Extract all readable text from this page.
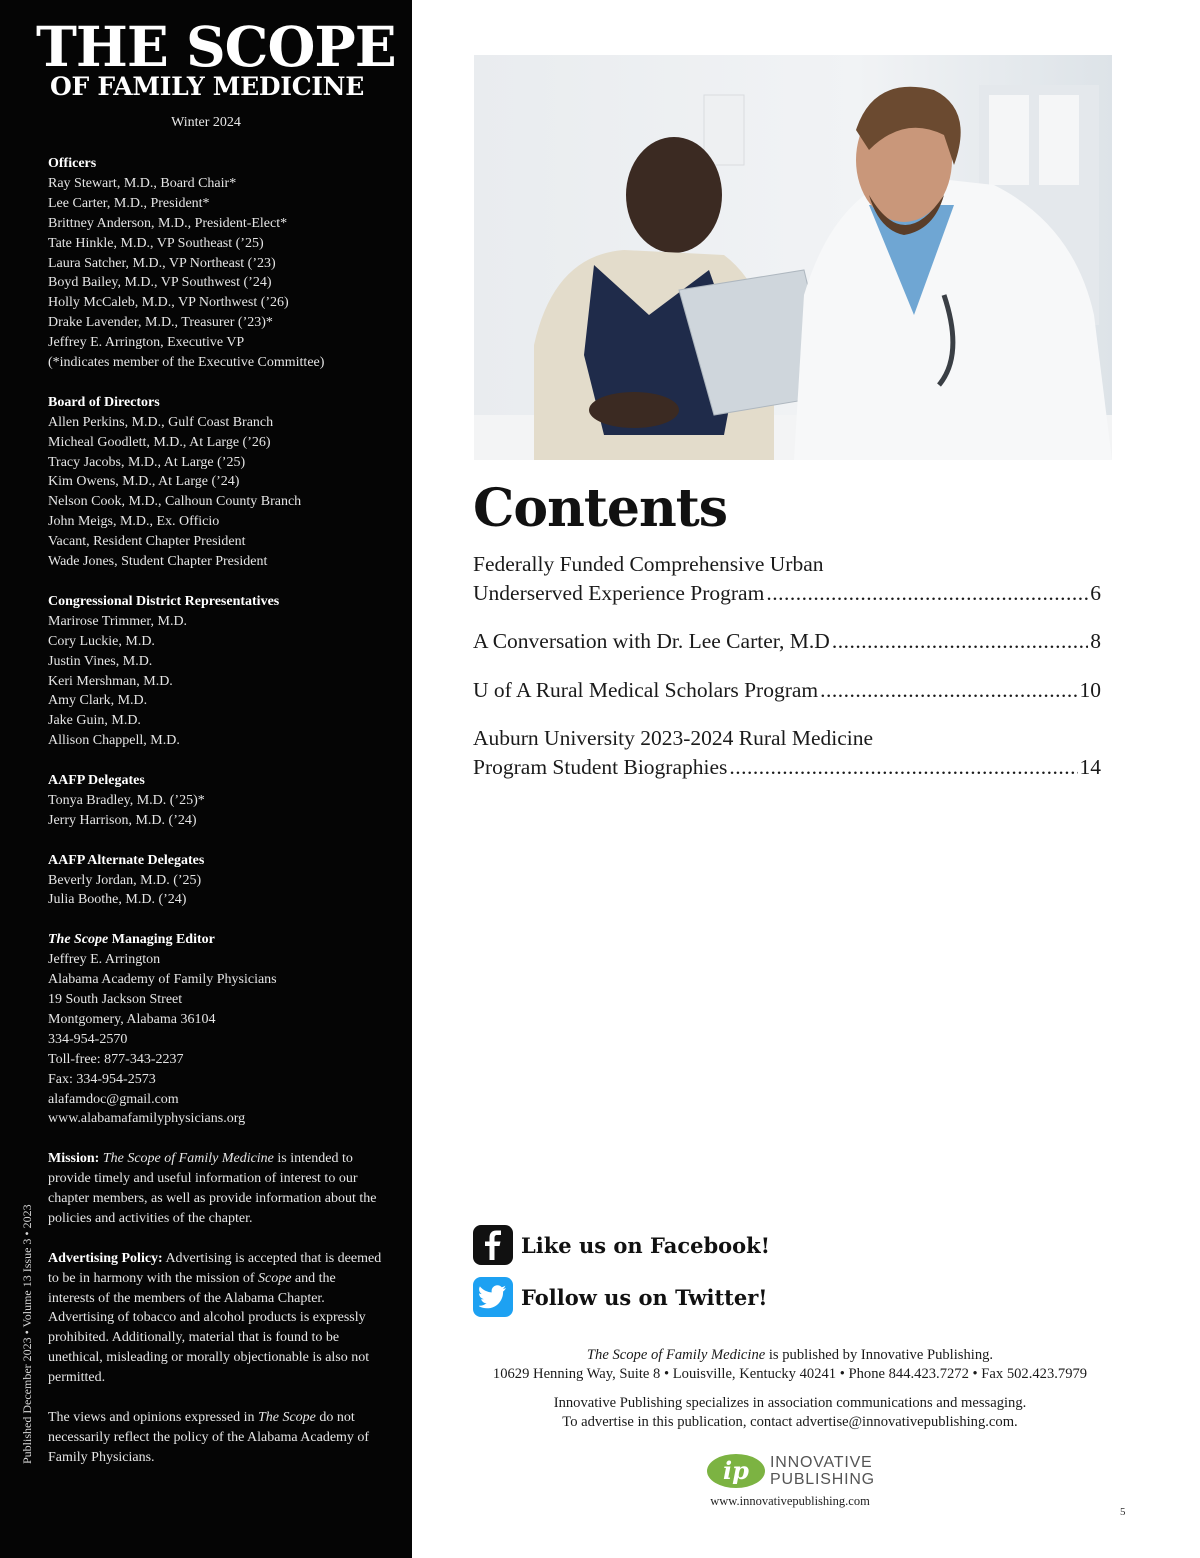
THE SCOPE
OF FAMILY MEDICINE
Winter 2024
Officers
Ray Stewart, M.D., Board Chair*
Lee Carter, M.D., President*
Brittney Anderson, M.D., President-Elect*
Tate Hinkle, M.D., VP Southeast (’25)
Laura Satcher, M.D., VP Northeast (’23)
Boyd Bailey, M.D., VP Southwest (’24)
Holly McCaleb, M.D., VP Northwest (’26)
Drake Lavender, M.D., Treasurer (’23)*
Jeffrey E. Arrington, Executive VP
(*indicates member of the Executive Committee)
Board of Directors
Allen Perkins, M.D., Gulf Coast Branch
Micheal Goodlett, M.D., At Large (’26)
Tracy Jacobs, M.D., At Large (’25)
Kim Owens, M.D., At Large (’24)
Nelson Cook, M.D., Calhoun County Branch
John Meigs, M.D., Ex. Officio
Vacant, Resident Chapter President
Wade Jones, Student Chapter President
Congressional District Representatives
Marirose Trimmer, M.D.
Cory Luckie, M.D.
Justin Vines, M.D.
Keri Mershman, M.D.
Amy Clark, M.D.
Jake Guin, M.D.
Allison Chappell, M.D.
AAFP Delegates
Tonya Bradley, M.D. (’25)*
Jerry Harrison, M.D. (’24)
AAFP Alternate Delegates
Beverly Jordan, M.D. (’25)
Julia Boothe, M.D. (’24)
The Scope Managing Editor
Jeffrey E. Arrington
Alabama Academy of Family Physicians
19 South Jackson Street
Montgomery, Alabama 36104
334-954-2570
Toll-free: 877-343-2237
Fax: 334-954-2573
alafamdoc@gmail.com
www.alabamafamilyphysicians.org
Mission: The Scope of Family Medicine is intended to provide timely and useful information of interest to our chapter members, as well as provide information about the policies and activities of the chapter.
Advertising Policy: Advertising is accepted that is deemed to be in harmony with the mission of Scope and the interests of the members of the Alabama Chapter. Advertising of tobacco and alcohol products is expressly prohibited. Additionally, material that is found to be unethical, misleading or morally objectionable is also not permitted.
The views and opinions expressed in The Scope do not necessarily reflect the policy of the Alabama Academy of Family Physicians.
Published December 2023 • Volume 13 Issue 3 • 2023
Contents
Federally Funded Comprehensive Urban
Underserved Experience Program .....	6
A Conversation with Dr. Lee Carter, M.D .....	8
U of A Rural Medical Scholars Program .....	10
Auburn University 2023-2024 Rural Medicine
Program Student Biographies .....	14
Like us on Facebook!
Follow us on Twitter!
The Scope of Family Medicine is published by Innovative Publishing.
10629 Henning Way, Suite 8 • Louisville, Kentucky 40241 • Phone 844.423.7272 • Fax 502.423.7979
Innovative Publishing specializes in association communications and messaging.
To advertise in this publication, contact advertise@innovativepublishing.com.
ip INNOVATIVE
PUBLISHING
www.innovativepublishing.com
5
